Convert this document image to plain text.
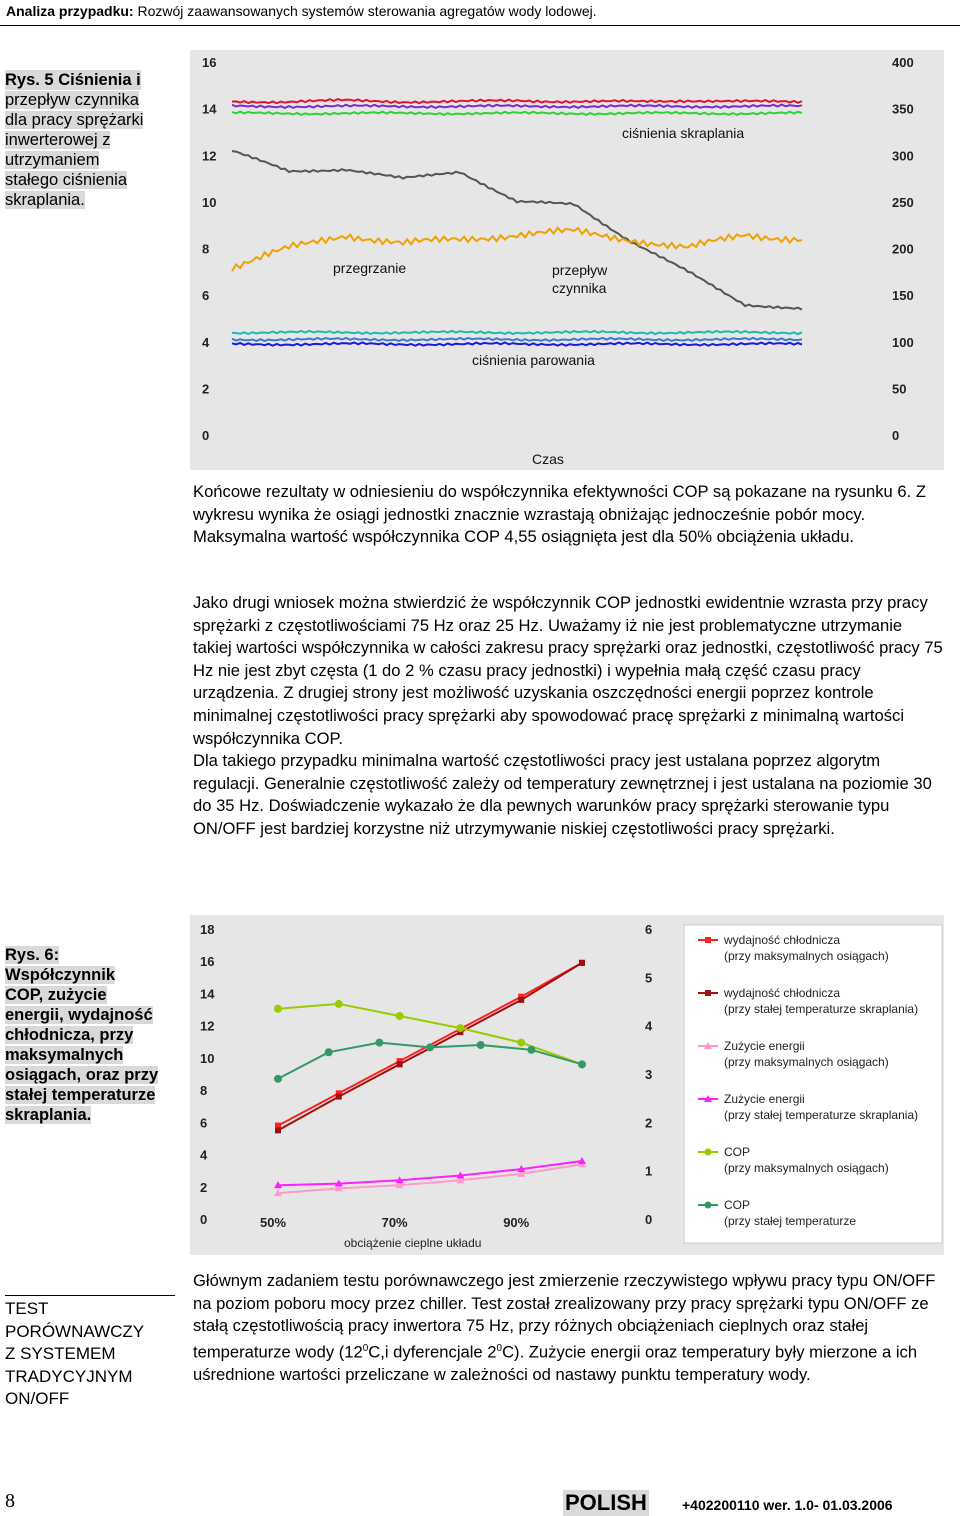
Analiza przypadku: Rozwój zaawansowanych systemów sterowania agregatów wody lodowej.
Rys. 5 Ciśnienia i
przepływ czynnika
dla pracy sprężarki
inwerterowej z
utrzymaniem
stałego ciśnienia
skraplania.
0
2
4
6
8
10
12
14
16
0
50
100
150
200
250
300
350
400
ciśnienia skraplania
przegrzanie	przepływ
czynnika
ciśnienia parowania
Czas
Końcowe rezultaty w odniesieniu do współczynnika efektywności COP są pokazane na rysunku 6. Z wykresu wynika że osiągi jednostki znacznie wzrastają obniżając jednocześnie pobór mocy. Maksymalna wartość współczynnika COP 4,55 osiągnięta jest dla 50% obciążenia układu.

Jako drugi wniosek można stwierdzić że współczynnik COP jednostki ewidentnie wzrasta przy pracy sprężarki z częstotliwościami 75 Hz oraz 25 Hz. Uważamy iż nie jest problematyczne utrzymanie takiej wartości współczynnika w całości zakresu pracy sprężarki oraz jednostki, częstotliwość pracy 75 Hz nie jest zbyt częsta (1 do 2 % czasu pracy jednostki) i wypełnia małą część czasu pracy urządzenia. Z drugiej strony jest możliwość uzyskania oszczędności energii poprzez kontrole minimalnej częstotliwości pracy sprężarki aby spowodować pracę sprężarki z minimalną wartości współczynnika COP.

Dla takiego przypadku minimalna wartość częstotliwości pracy jest ustalana poprzez algorytm regulacji. Generalnie częstotliwość zależy od temperatury zewnętrznej i jest ustalana na poziomie 30 do 35 Hz. Doświadczenie wykazało że dla pewnych warunków pracy sprężarki sterowanie typu ON/OFF jest bardziej korzystne niż utrzymywanie niskiej częstotliwości pracy sprężarki.

Rys. 6:
Współczynnik
COP, zużycie
energii, wydajność
chłodnicza, przy
maksymalnych
osiągach, oraz przy
stałej temperaturze
skraplania.
0
2
4
6
8
10
12
14
16
18
0
1
2
3
4
5
6
50%	70%	90%
wydajność chłodnicza
(przy maksymalnych osiągach)
wydajność chłodnicza
(przy stałej temperaturze skraplania)
Zużycie energii
(przy maksymalnych osiągach)
Zużycie energii
(przy stałej temperaturze skraplania)
COP
(przy maksymalnych osiągach)
COP
(przy stałej temperaturze
obciążenie cieplne układu
TEST
PORÓWNAWCZY
Z SYSTEMEM
TRADYCYJNYM
ON/OFF
Głównym zadaniem testu porównawczego jest zmierzenie rzeczywistego wpływu pracy typu ON/OFF na poziom poboru mocy przez chiller. Test został zrealizowany przy pracy sprężarki typu ON/OFF ze stałą częstotliwością pracy inwertora 75 Hz, przy różnych obciążeniach cieplnych oraz stałej temperaturze wody ($12^0C,i$ dyferencjale $2^0C$). Zużycie energii oraz temperatury były mierzone a ich uśrednione wartości przeliczane w zależności od nastawy punktu temperatury wody.
8	POLISH	+402200110 wer. 1.0- 01.03.2006
